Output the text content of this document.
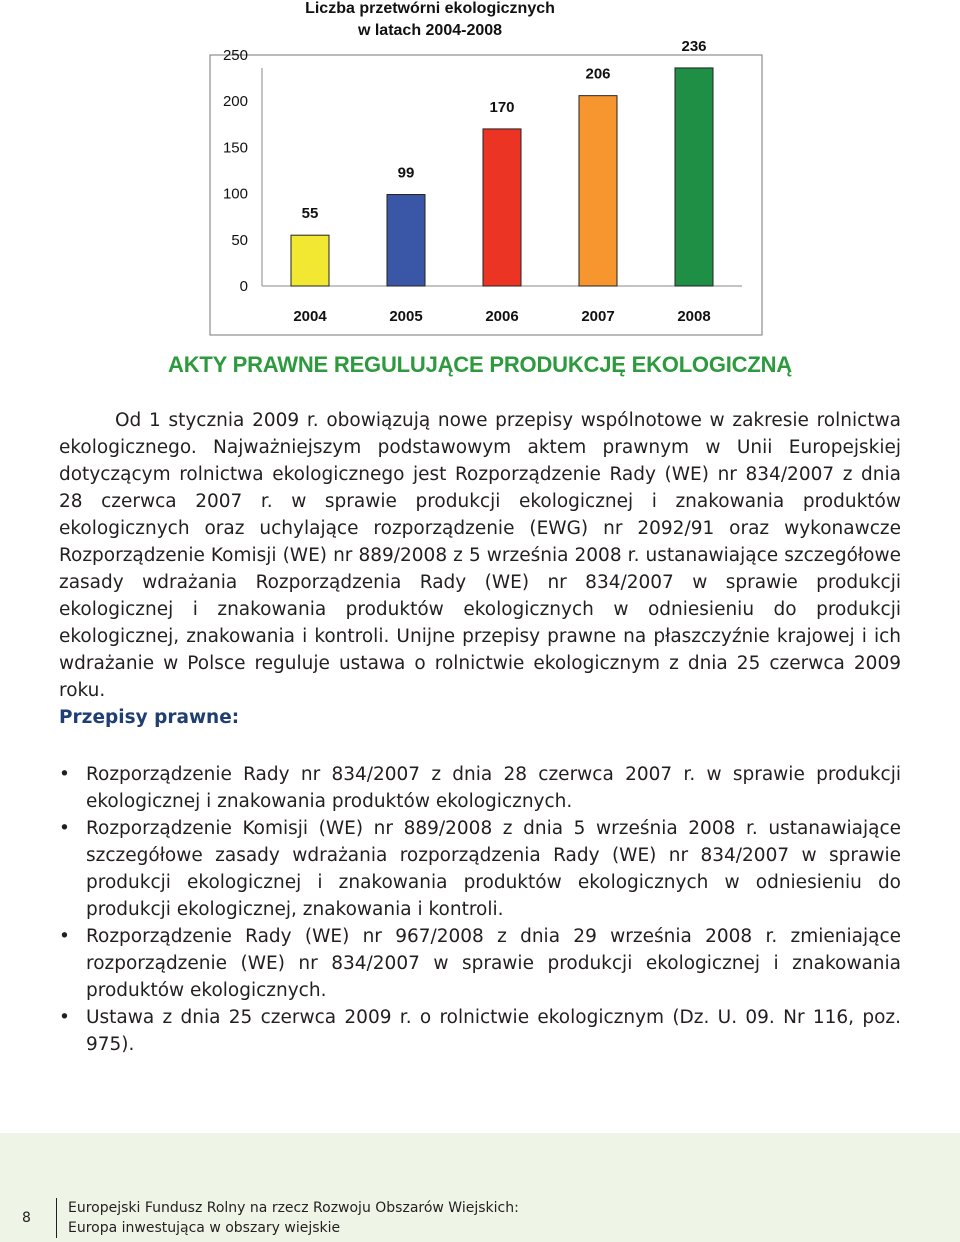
Liczba przetwórni ekologicznych
w latach 2004-2008
0
50
100
150
200
250
55
2004
99
2005
170
2006
206
2007
236
2008
AKTY PRAWNE REGULUJĄCE PRODUKCJĘ EKOLOGICZNĄ

Od 1 stycznia 2009 r. obowiązują nowe przepisy wspólnotowe w zakresie rolnictwa ekologicznego. Najważniejszym podstawowym aktem prawnym w Unii Europejskiej dotyczącym rolnictwa ekologicznego jest Rozporządzenie Rady (WE) nr 834/2007 z dnia 28 czerwca 2007 r. w sprawie produkcji ekologicznej i znakowania produktów ekologicznych oraz uchylające rozporządzenie (EWG) nr 2092/91 oraz wykonawcze Rozporządzenie Komisji (WE) nr 889/2008 z 5 września 2008 r. ustanawiające szczegółowe zasady wdrażania Rozporządzenia Rady (WE) nr 834/2007 w sprawie produkcji ekologicznej i znakowania produktów ekologicznych w odniesieniu do produkcji ekologicznej, znakowania i kontroli. Unijne przepisy prawne na płaszczyźnie krajowej i ich wdrażanie w Polsce reguluje ustawa o rolnictwie ekologicznym z dnia 25 czerwca 2009 roku.

Przepisy prawne:
• Rozporządzenie Rady nr 834/2007 z dnia 28 czerwca 2007 r. w sprawie produkcji ekologicznej i znakowania produktów ekologicznych.
• Rozporządzenie Komisji (WE) nr 889/2008 z dnia 5 września 2008 r. ustanawiające szczegółowe zasady wdrażania rozporządzenia Rady (WE) nr 834/2007 w sprawie produkcji ekologicznej i znakowania produktów ekologicznych w odniesieniu do produkcji ekologicznej, znakowania i kontroli.
• Rozporządzenie Rady (WE) nr 967/2008 z dnia 29 września 2008 r. zmieniające rozporządzenie (WE) nr 834/2007 w sprawie produkcji ekologicznej i znakowania produktów ekologicznych.
• Ustawa z dnia 25 czerwca 2009 r. o rolnictwie ekologicznym (Dz. U. 09. Nr 116, poz. 975).
8
Europejski Fundusz Rolny na rzecz Rozwoju Obszarów Wiejskich:
Europa inwestująca w obszary wiejskie
